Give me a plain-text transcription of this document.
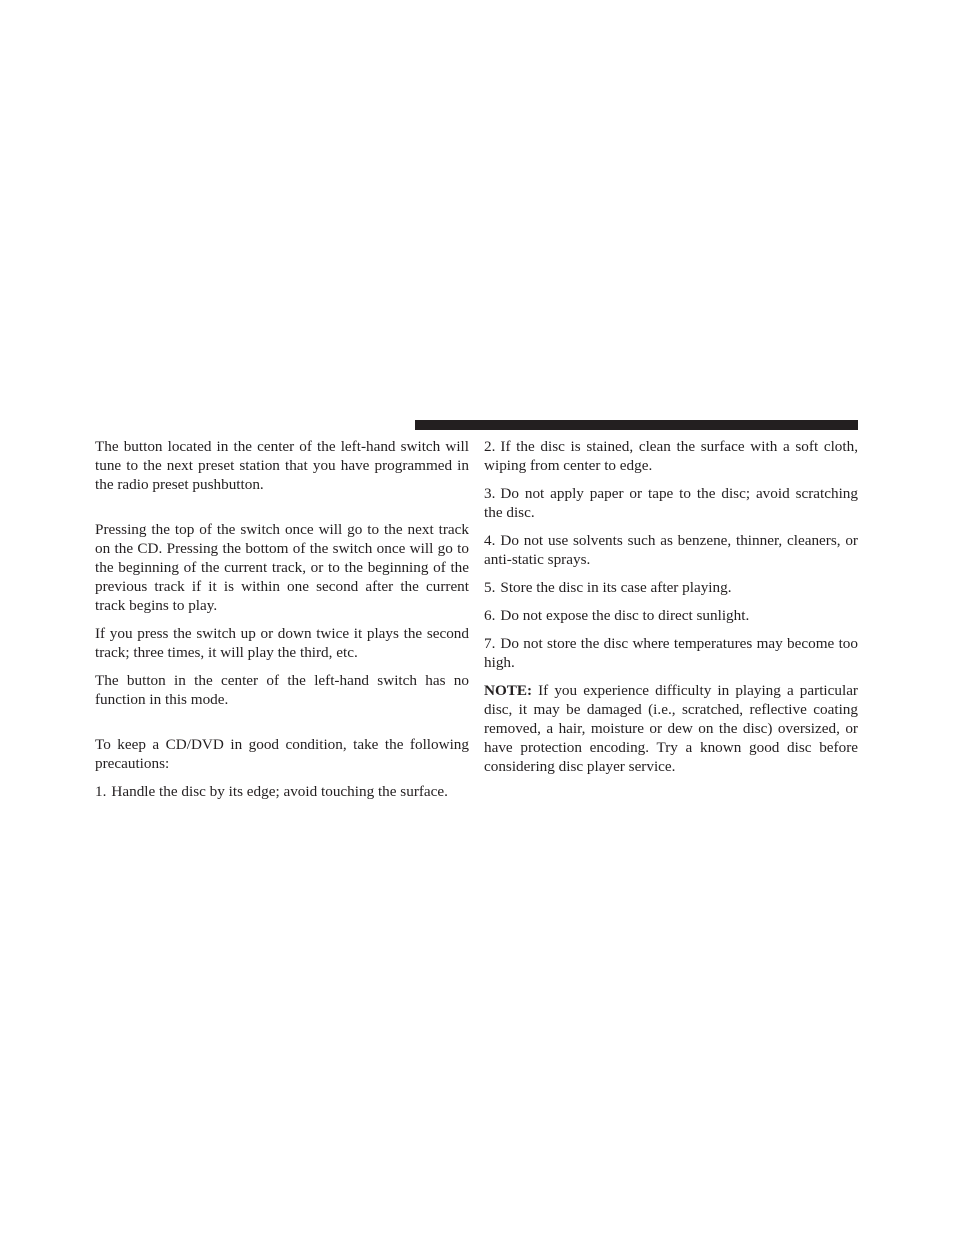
The button located in the center of the left-hand switch will tune to the next preset station that you have programmed in the radio preset pushbutton.

Pressing the top of the switch once will go to the next track on the CD. Pressing the bottom of the switch once will go to the beginning of the current track, or to the beginning of the previous track if it is within one second after the current track begins to play.

If you press the switch up or down twice it plays the second track; three times, it will play the third, etc.

The button in the center of the left-hand switch has no function in this mode.

To keep a CD/DVD in good condition, take the following precautions:

1. Handle the disc by its edge; avoid touching the surface.

2. If the disc is stained, clean the surface with a soft cloth, wiping from center to edge.

3. Do not apply paper or tape to the disc; avoid scratching the disc.

4. Do not use solvents such as benzene, thinner, cleaners, or anti-static sprays.

5. Store the disc in its case after playing.

6. Do not expose the disc to direct sunlight.

7. Do not store the disc where temperatures may become too high.

NOTE: If you experience difficulty in playing a particular disc, it may be damaged (i.e., scratched, reflective coating removed, a hair, moisture or dew on the disc) oversized, or have protection encoding. Try a known good disc before considering disc player service.
